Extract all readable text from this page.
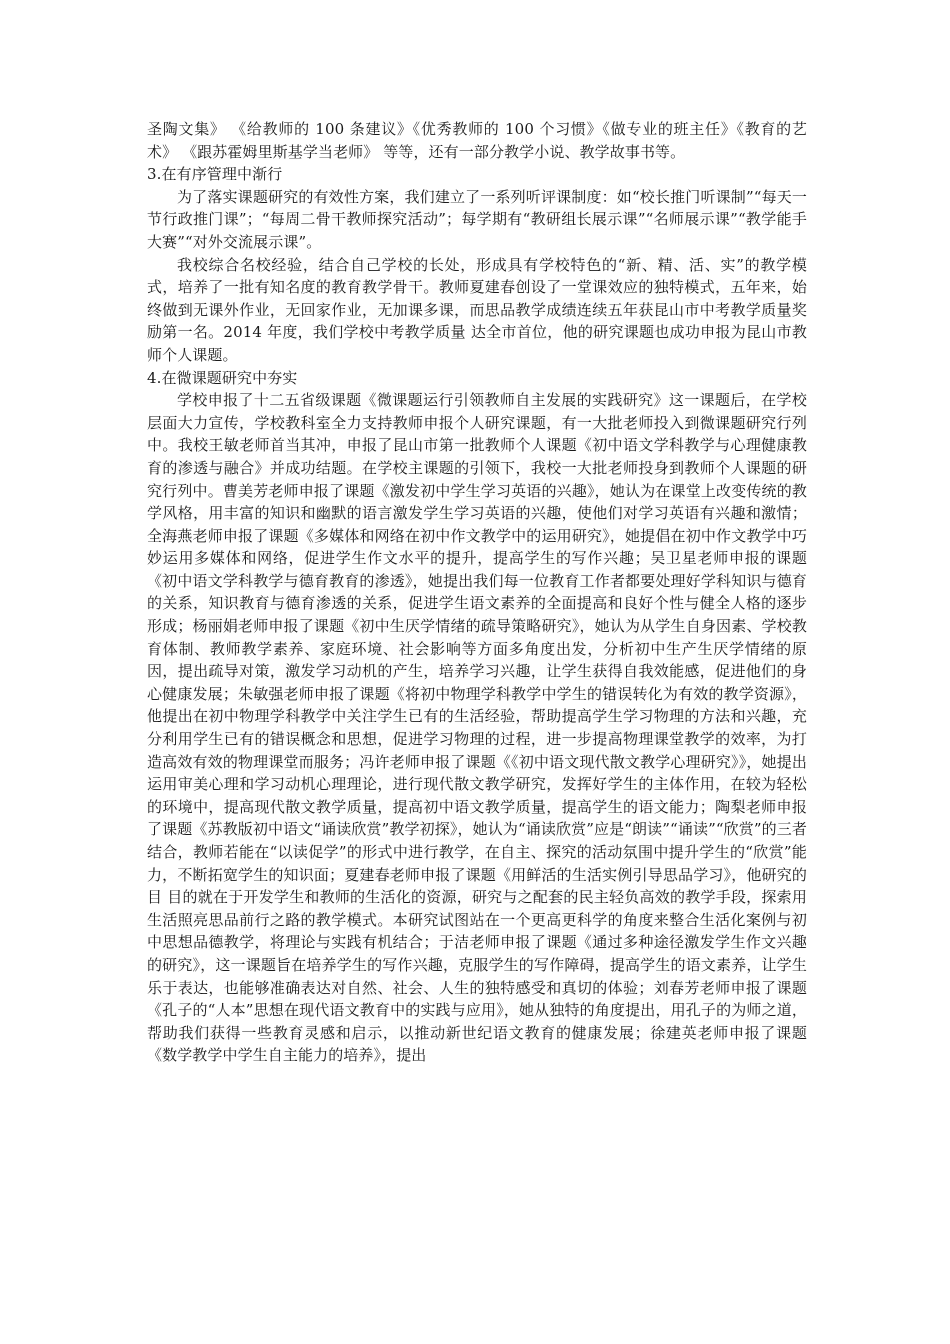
圣陶文集》 《给教师的 100 条建议》《优秀教师的 100 个习惯》《做专业的班主任》《教育的艺术》 《跟苏霍姆里斯基学当老师》 等等，还有一部分教学小说、教学故事书等。

3.在有序管理中渐行

为了落实课题研究的有效性方案，我们建立了一系列听评课制度：如“校长推门听课制”“每天一节行政推门课”；“每周二骨干教师探究活动”；每学期有“教研组长展示课”“名师展示课”“教学能手大赛”“对外交流展示课”。

我校综合名校经验，结合自己学校的长处，形成具有学校特色的“新、精、活、实”的教学模式，培养了一批有知名度的教育教学骨干。教师夏建春创设了一堂课效应的独特模式，五年来，始终做到无课外作业，无回家作业，无加课多课，而思品教学成绩连续五年获昆山市中考教学质量奖励第一名。2014 年度，我们学校中考教学质量 达全市首位，他的研究课题也成功申报为昆山市教师个人课题。

4.在微课题研究中夯实

学校申报了十二五省级课题《微课题运行引领教师自主发展的实践研究》这一课题后，在学校层面大力宣传，学校教科室全力支持教师申报个人研究课题，有一大批老师投入到微课题研究行列中。我校王敏老师首当其冲，申报了昆山市第一批教师个人课题《初中语文学科教学与心理健康教育的渗透与融合》并成功结题。在学校主课题的引领下，我校一大批老师投身到教师个人课题的研究行列中。曹美芳老师申报了课题《激发初中学生学习英语的兴趣》，她认为在课堂上改变传统的教学风格，用丰富的知识和幽默的语言激发学生学习英语的兴趣，使他们对学习英语有兴趣和激情；全海燕老师申报了课题《多媒体和网络在初中作文教学中的运用研究》，她提倡在初中作文教学中巧妙运用多媒体和网络，促进学生作文水平的提升，提高学生的写作兴趣；吴卫星老师申报的课题《初中语文学科教学与德育教育的渗透》，她提出我们每一位教育工作者都要处理好学科知识与德育的关系，知识教育与德育渗透的关系，促进学生语文素养的全面提高和良好个性与健全人格的逐步形成；杨丽娟老师申报了课题《初中生厌学情绪的疏导策略研究》，她认为从学生自身因素、学校教育体制、教师教学素养、家庭环境、社会影响等方面多角度出发，分析初中生产生厌学情绪的原因，提出疏导对策，激发学习动机的产生，培养学习兴趣，让学生获得自我效能感，促进他们的身心健康发展；朱敏强老师申报了课题《将初中物理学科教学中学生的错误转化为有效的教学资源》，他提出在初中物理学科教学中关注学生已有的生活经验，帮助提高学生学习物理的方法和兴趣，充分利用学生已有的错误概念和思想，促进学习物理的过程，进一步提高物理课堂教学的效率，为打造高效有效的物理课堂而服务；冯许老师申报了课题《《初中语文现代散文教学心理研究》》，她提出运用审美心理和学习动机心理理论，进行现代散文教学研究，发挥好学生的主体作用，在较为轻松的环境中，提高现代散文教学质量，提高初中语文教学质量，提高学生的语文能力；陶梨老师申报了课题《苏教版初中语文“诵读欣赏”教学初探》，她认为“诵读欣赏”应是“朗读”“诵读”“欣赏”的三者结合，教师若能在“以读促学”的形式中进行教学，在自主、探究的活动氛围中提升学生的“欣赏”能力，不断拓宽学生的知识面；夏建春老师申报了课题《用鲜活的生活实例引导思品学习》，他研究的目 目的就在于开发学生和教师的生活化的资源，研究与之配套的民主轻负高效的教学手段，探索用生活照亮思品前行之路的教学模式。本研究试图站在一个更高更科学的角度来整合生活化案例与初中思想品德教学，将理论与实践有机结合；于洁老师申报了课题《通过多种途径激发学生作文兴趣的研究》，这一课题旨在培养学生的写作兴趣，克服学生的写作障碍，提高学生的语文素养，让学生乐于表达，也能够准确表达对自然、社会、人生的独特感受和真切的体验；刘春芳老师申报了课题《孔子的“人本”思想在现代语文教育中的实践与应用》，她从独特的角度提出，用孔子的为师之道，帮助我们获得一些教育灵感和启示，以推动新世纪语文教育的健康发展；徐建英老师申报了课题《数学教学中学生自主能力的培养》，提出
